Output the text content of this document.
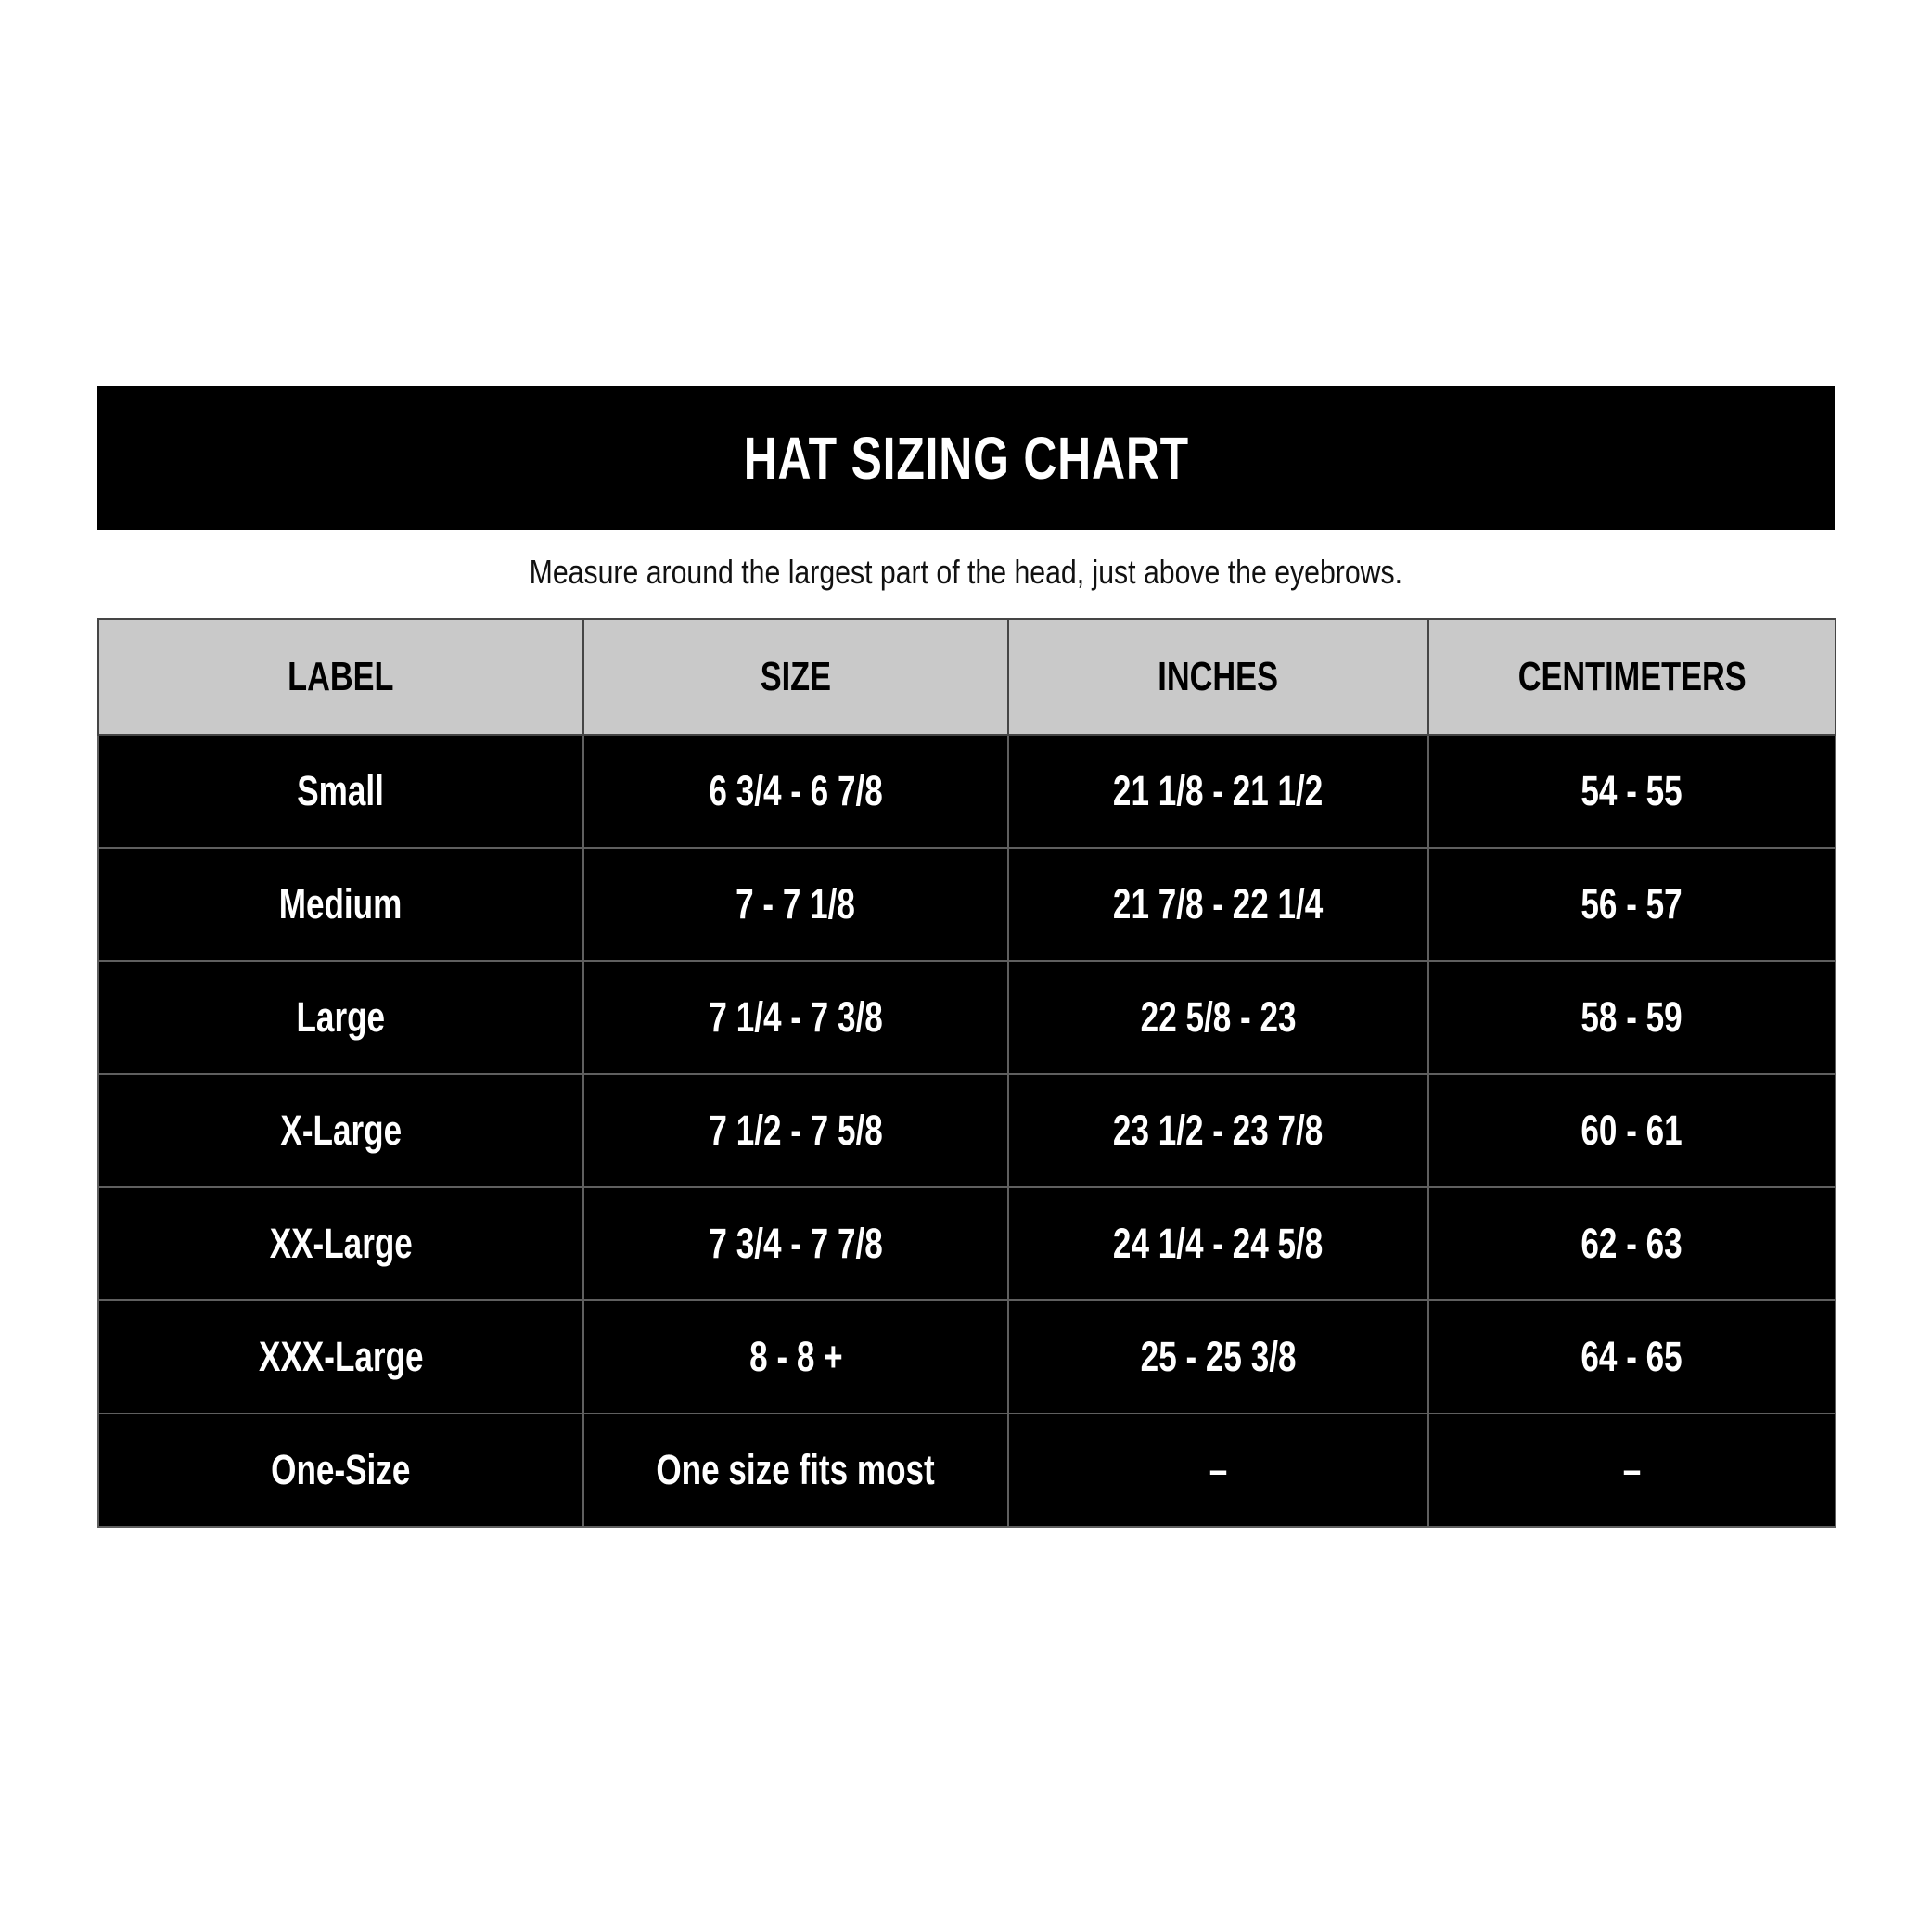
HAT SIZING CHART

Measure around the largest part of the head, just above the eyebrows.

LABEL	SIZE	INCHES	CENTIMETERS
Small	6 3/4 - 6 7/8	21 1/8 - 21 1/2	54 - 55
Medium	7 - 7 1/8	21 7/8 - 22 1/4	56 - 57
Large	7 1/4 - 7 3/8	22 5/8 - 23	58 - 59
X-Large	7 1/2 - 7 5/8	23 1/2 - 23 7/8	60 - 61
XX-Large	7 3/4 - 7 7/8	24 1/4 - 24 5/8	62 - 63
XXX-Large	8 - 8 +	25 - 25 3/8	64 - 65
One-Size	One size fits most	–	–
